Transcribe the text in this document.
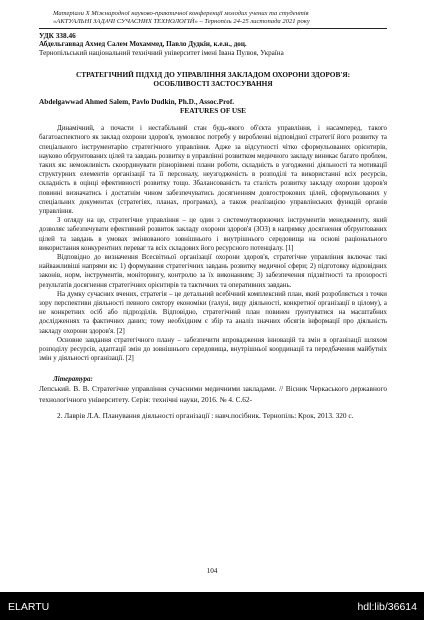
Матеріали X Міжнародної науково-практичної конференції молодих учених та студентів

«АКТУАЛЬНІ ЗАДАЧІ СУЧАСНИХ ТЕХНОЛОГІЙ» – Тернопіль 24-25 листопада 2021 року

УДК 338.46

Абдельгаввад Ахмед Салем Мохаммед, Павло Дудкін, к.е.н., доц.

Тернопільський національний технічний університет імені Івана Пулюя, Україна

СТРАТЕГІЧНИЙ ПІДХІД ДО УПРАВЛІННЯ ЗАКЛАДОМ ОХОРОНИ ЗДОРОВ'Я:

ОСОБЛИВОСТІ ЗАСТОСУВАННЯ

Abdelgawwad Ahmed Salem, Pavlo Dudkin, Ph.D., Assoc.Prof.

FEATURES OF USE

Динамічний, а почасти і нестабільний стан будь-якого об'єкта управління, і насамперед, такого багатоаспектного як заклад охорони здоров'я, зумовлює потребу у виробленні відповідної стратегії його розвитку та спеціального інструментарію стратегічного управління. Адже за відсутності чітко сформульованих орієнтирів, науково обґрунтованих цілей та завдань розвитку в управлінні розвитком медичного закладу виникає багато проблем, таких як: неможливість скоординувати різнорівневі плани роботи, складність в узгодженні діяльності та мотивації структурних елементів організації та її персоналу, неузгодженість в розподілі та використанні всіх ресурсів, складність в оцінці ефективності розвитку тощо. Збалансованість та сталість розвитку закладу охорони здоров'я повинні визначатись і достатнім чином забезпечуватись досягненням довгострокових цілей, сформульованих у спеціальних документах (стратегіях, планах, програмах), а також реалізацією управлінських функцій органів управління.

З огляду на це, стратегічне управління – це один з системоутворюючих інструментів менеджменту, який дозволяє забезпечувати ефективний розвиток закладу охорони здоров'я (ЗОЗ) в напрямку досягнення обґрунтованих цілей та завдань в умовах змінюваного зовнішнього і внутрішнього середовища на основі раціонального використання конкурентних переваг та всіх складових його ресурсного потенціалу. [1]

Відповідно до визначення Всесвітньої організації охорони здоров'я, стратегічне управління включає такі найважливіші напрями як: 1) формування стратегічних завдань розвитку медичної сфери; 2) підготовку відповідних законів, норм, інструментів, моніторингу, контролю за їх виконанням; 3) забезпечення підзвітності та прозорості результатів досягнення стратегічних орієнтирів та тактичних та оперативних завдань.

На думку сучасних вчених, стратегія – це детальний всебічний комплексний план, який розробляється з точки зору перспективи діяльності певного сектору економіки (галузі, виду діяльності, конкретної організації в цілому), а не конкретних осіб або підрозділів. Відповідно, стратегічний план повинен ґрунтуватися на масштабних дослідженнях та фактичних даних; тому необхідним є збір та аналіз значних обсягів інформації про діяльність закладу охорони здоров'я. [2]

Основне завдання стратегічного плану – забезпечити впровадження інновацій та змін в організації шляхом розподілу ресурсів, адаптації змін до зовнішнього середовища, внутрішньої координації та передбачення майбутніх змін у діяльності організації. [2]

Література:

Лепський. В. В. Стратегічне управління сучасними медичними закладами. // Вісник Черкаського державного технологічного університету. Серія: технічні науки, 2016. № 4. С.62-

2. Лаврів Л.А. Планування діяльності організації : навч.посібник. Тернопіль: Крок, 2013. 320 с.

104
ELARTU	hdl:lib/36614
